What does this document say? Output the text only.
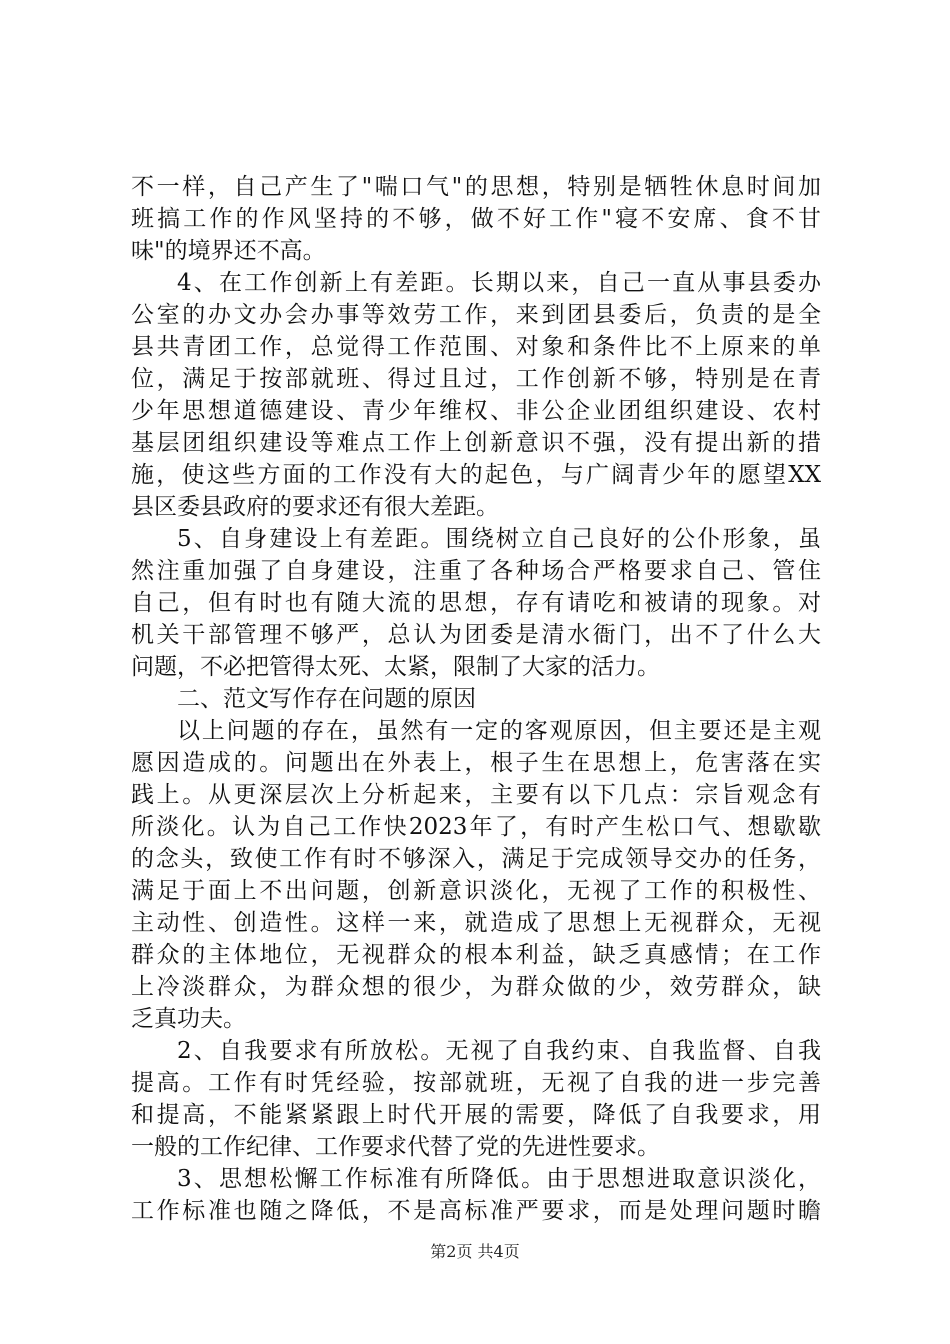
不一样，自己产生了"喘口气"的思想，特别是牺牲休息时间加
班搞工作的作风坚持的不够，做不好工作"寝不安席、食不甘
味"的境界还不高。
4、在工作创新上有差距。长期以来，自己一直从事县委办
公室的办文办会办事等效劳工作，来到团县委后，负责的是全
县共青团工作，总觉得工作范围、对象和条件比不上原来的单
位，满足于按部就班、得过且过，工作创新不够，特别是在青
少年思想道德建设、青少年维权、非公企业团组织建设、农村
基层团组织建设等难点工作上创新意识不强，没有提出新的措
施，使这些方面的工作没有大的起色，与广阔青少年的愿望XX
县区委县政府的要求还有很大差距。
5、自身建设上有差距。围绕树立自己良好的公仆形象，虽
然注重加强了自身建设，注重了各种场合严格要求自己、管住
自己，但有时也有随大流的思想，存有请吃和被请的现象。对
机关干部管理不够严，总认为团委是清水衙门，出不了什么大
问题，不必把管得太死、太紧，限制了大家的活力。
二、范文写作存在问题的原因
以上问题的存在，虽然有一定的客观原因，但主要还是主观
愿因造成的。问题出在外表上，根子生在思想上，危害落在实
践上。从更深层次上分析起来，主要有以下几点：宗旨观念有
所淡化。认为自己工作快2023年了，有时产生松口气、想歇歇
的念头，致使工作有时不够深入，满足于完成领导交办的任务，
满足于面上不出问题，创新意识淡化，无视了工作的积极性、
主动性、创造性。这样一来，就造成了思想上无视群众，无视
群众的主体地位，无视群众的根本利益，缺乏真感情；在工作
上冷淡群众，为群众想的很少，为群众做的少，效劳群众，缺
乏真功夫。
2、自我要求有所放松。无视了自我约束、自我监督、自我
提高。工作有时凭经验，按部就班，无视了自我的进一步完善
和提高，不能紧紧跟上时代开展的需要，降低了自我要求，用
一般的工作纪律、工作要求代替了党的先进性要求。
3、思想松懈工作标准有所降低。由于思想进取意识淡化，
工作标准也随之降低，不是高标准严要求，而是处理问题时瞻
第2页 共4页
